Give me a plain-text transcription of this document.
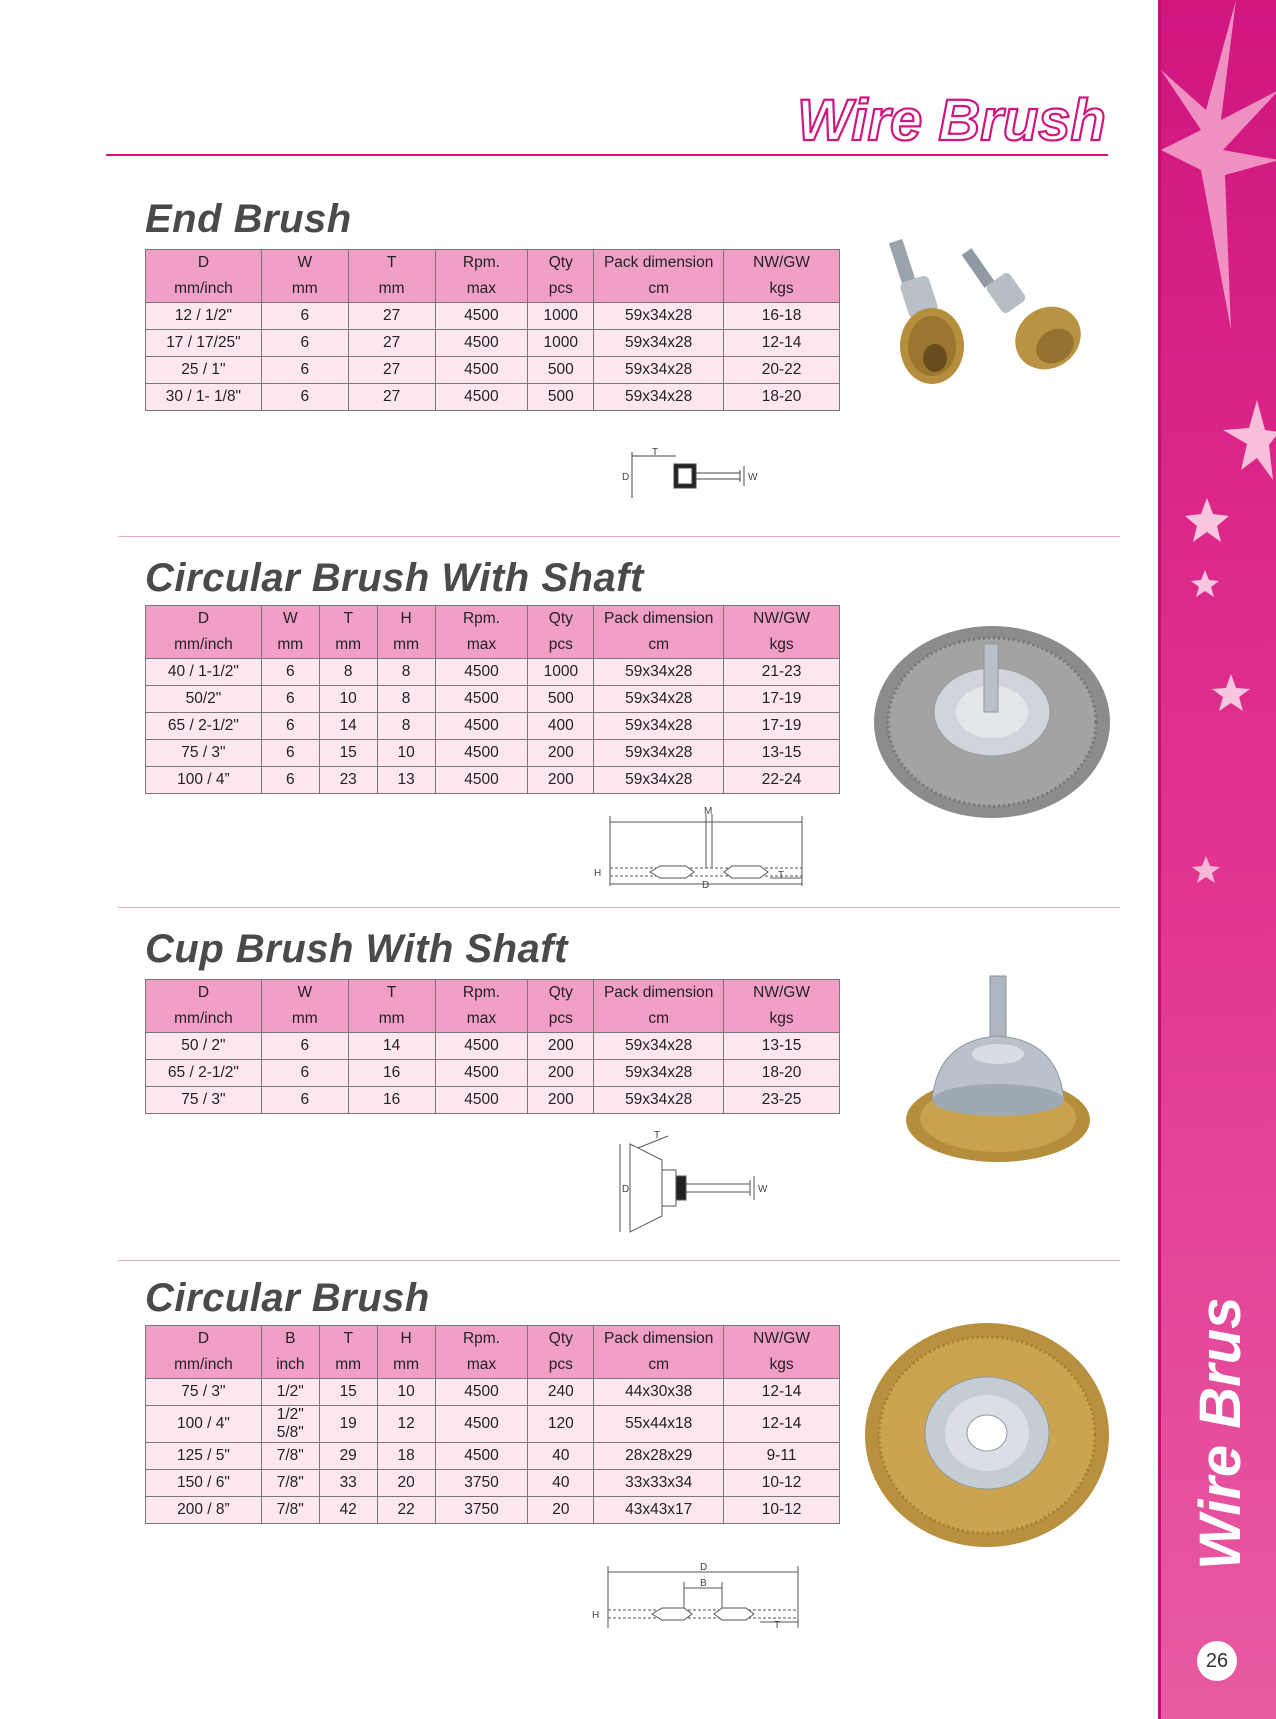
Wire Brush
26
Wire Brush
End Brush
D	W	T	Rpm.	Qty	Pack dimension	NW/GW
mm/inch	mm	mm	max	pcs	cm	kgs
12 / 1/2"	6	27	4500	1000	59x34x28	16-18
17 / 17/25"	6	27	4500	1000	59x34x28	12-14
25 / 1"	6	27	4500	500	59x34x28	20-22
30 / 1- 1/8"	6	27	4500	500	59x34x28	18-20
T
D	W
Circular Brush With Shaft
D	W	T	H	Rpm.	Qty	Pack dimension	NW/GW
mm/inch	mm	mm	mm	max	pcs	cm	kgs
40 / 1-1/2"	6	8	8	4500	1000	59x34x28	21-23
50/2"	6	10	8	4500	500	59x34x28	17-19
65 / 2-1/2"	6	14	8	4500	400	59x34x28	17-19
75 / 3"	6	15	10	4500	200	59x34x28	13-15
100 / 4”	6	23	13	4500	200	59x34x28	22-24
M
H	T
D
Cup Brush With Shaft
D	W	T	Rpm.	Qty	Pack dimension	NW/GW
mm/inch	mm	mm	max	pcs	cm	kgs
50 / 2"	6	14	4500	200	59x34x28	13-15
65 / 2-1/2"	6	16	4500	200	59x34x28	18-20
75 / 3"	6	16	4500	200	59x34x28	23-25
T
D	W
Circular Brush
D	B	T	H	Rpm.	Qty	Pack dimension	NW/GW
mm/inch	inch	mm	mm	max	pcs	cm	kgs
75 / 3"	1/2"	15	10	4500	240	44x30x38	12-14
100 / 4"	1/2" 5/8"	19	12	4500	120	55x44x18	12-14
125 / 5"	7/8"	29	18	4500	40	28x28x29	9-11
150 / 6"	7/8"	33	20	3750	40	33x33x34	10-12
200 / 8”	7/8"	42	22	3750	20	43x43x17	10-12
D
B
H
T
